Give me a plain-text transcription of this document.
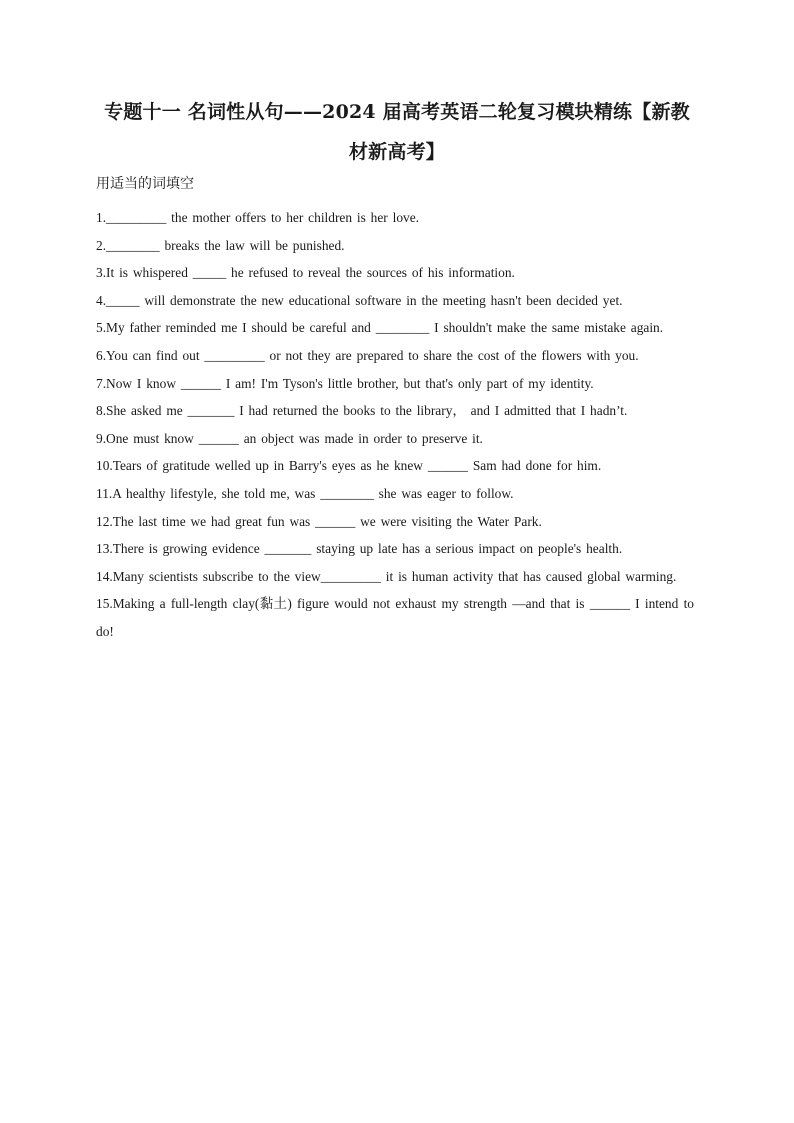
专题十一 名词性从句——2024 届高考英语二轮复习模块精练【新教
材新高考】
用适当的词填空
1._________ the mother offers to her children is her love.
2.________ breaks the law will be punished.
3.It is whispered _____ he refused to reveal the sources of his information.
4._____ will demonstrate the new educational software in the meeting hasn't been decided yet.
5.My father reminded me I should be careful and ________ I shouldn't make the same mistake again.
6.You can find out _________ or not they are prepared to share the cost of the flowers with you.
7.Now I know ______ I am! I'm Tyson's little brother, but that's only part of my identity.
8.She asked me _______ I had returned the books to the library， and I admitted that I hadn’t.
9.One must know ______ an object was made in order to preserve it.
10.Tears of gratitude welled up in Barry's eyes as he knew ______ Sam had done for him.
11.A healthy lifestyle, she told me, was ________ she was eager to follow.
12.The last time we had great fun was ______ we were visiting the Water Park.
13.There is growing evidence _______ staying up late has a serious impact on people's health.
14.Many scientists subscribe to the view_________ it is human activity that has caused global warming.
15.Making a full-length clay(黏土) figure would not exhaust my strength —and that is ______ I intend to do!
